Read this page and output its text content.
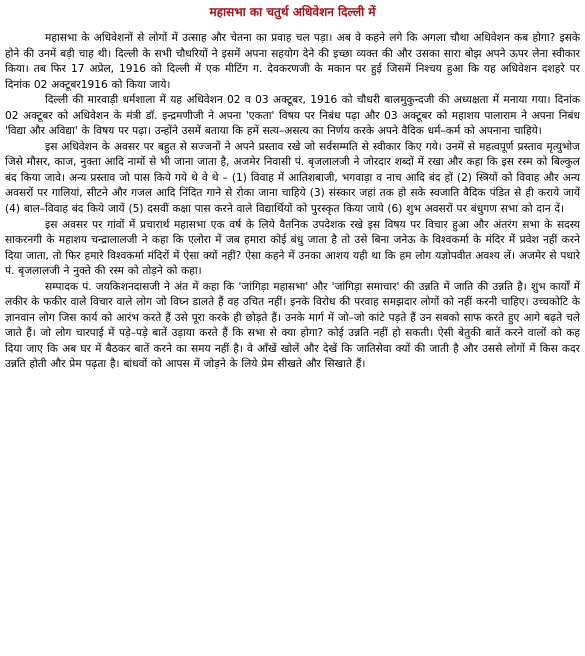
महासभा का चतुर्थ अधिवेशन दिल्ली में

महासभा के अधिवेशनों से लोगों में उत्साह और चेतना का प्रवाह चल पड़ा। अब वे कहने लगे कि अगला चौथा अधिवेशन कब होगा? इसके होने की उनमें बड़ी चाह थी। दिल्ली के सभी चौधरियों ने इसमें अपना सहयोग देने की इच्छा व्यक्त की और उसका सारा बोझ अपने ऊपर लेना स्वीकार किया। तब फिर 17 अप्रेल, 1916 को दिल्ली में एक मीटिंग ग. देवकरणजी के मकान पर हुई जिसमें निश्चय हुआ कि यह अधिवेशन दशहरे पर दिनांक 02 अक्टूबर1916 को किया जाये।

दिल्ली की मारवाड़ी धर्मशाला में यह अधिवेशन 02 व 03 अक्टूबर, 1916 को चौधरी बालमुकुन्दजी की अध्यक्षता में मनाया गया। दिनांक 02 अक्टूबर को अधिवेशन के मंत्री डॉ. इन्द्रमणीजी ने अपना 'एकता' विषय पर निबंध पढ़ा और 03 अक्टूबर को महाशय पालाराम ने अपना निबंध 'विद्या और अविद्या' के विषय पर पढ़ा। उन्होंने उसमें बताया कि हमें सत्य–असत्य का निर्णय करके अपने वैदिक धर्म–कर्म को अपनाना चाहिये।

इस अधिवेशन के अवसर पर बहुत से सज्जनों ने अपने प्रस्ताव रखे जो सर्वसम्मति से स्वीकार किए गये। उनमें से महत्वपूर्ण प्रस्ताव मृत्युभोज जिसे मौसर, काज, नुक्ता आदि नामों से भी जाना जाता है, अजमेर निवासी पं. बृजलालजी ने जोरदार शब्दों में रखा और कहा कि इस रस्म को बिल्कुल बंद किया जावे। अन्य प्रस्ताव जो पास किये गये थे वे थे – (1) विवाह में आतिशबाजी, भगवाड़ा व नाच आदि बंद हों (2) स्त्रियों को विवाह और अन्य अवसरों पर गालियां, सीटने और गजल आदि निंदित गाने से रोका जाना चाहिये (3) संस्कार जहां तक हो सके स्वजाति वैदिक पंडित से ही कराये जायें (4) बाल–विवाह बंद किये जायें (5) दसवीं कक्षा पास करने वाले विद्यार्थियों को पुरस्कृत किया जाये (6) शुभ अवसरों पर बंधुगण सभा को दान दें।

इस अवसर पर गांवों में प्रचारार्थ महासभा एक वर्ष के लिये वैतनिक उपदेशक रखे इस विषय पर विचार हुआ और अंतरंग सभा के सदस्य साकरनगी के महाशय चन्द्रालालजी ने कहा कि एलोरा में जब हमारा कोई बंधु जाता है तो उसे बिना जनेऊ के विश्वकर्मा के मंदिर में प्रवेश नहीं करने दिया जाता, तो फिर हमारे विश्वकर्मा मंदिरों में ऐसा क्यों नहीं? ऐसा कहने में उनका आशय यही था कि हम लोग यज्ञोपवीत अवश्य लें। अजमेर से पधारे पं. बृजलालजी ने नुक्ते की रस्म को तोड़ने को कहा।

सम्पादक पं. जयकिशनदासजी ने अंत में कहा कि 'जांगिड़ा महासभा' और 'जांगिड़ा समाचार' की उन्नति में जाति की उन्नति है। शुभ कार्यों में लकीर के फकीर वाले विचार वाले लोग जो विघ्न डालते हैं वह उचित नहीं। इनके विरोध की परवाह समझदार लोगों को नहीं करनी चाहिए। उच्चकोटि के ज्ञानवान लोग जिस कार्य को आरंभ करते हैं उसे पूरा करके ही छोड़ते हैं। उनके मार्ग में जो–जो कांटे पड़ते हैं उन सबको साफ करते हुए आगे बढ़ते चले जाते हैं। जो लोग चारपाई में पड़े–पड़े बातें उड़ाया करते हैं कि सभा से क्या होगा? कोई उन्नति नहीं हो सकती। ऐसी बेतुकी बातें करने वालों को कह दिया जाए कि अब घर में बैठकर बातें करने का समय नहीं है। वे आँखें खोलें और देखें कि जातिसेवा क्यों की जाती है और उससे लोगों में किस कदर उन्नति होती और प्रेम पढ़ता है। बांधवों को आपस में जोड़ने के लिये प्रेम सीखते और सिखाते हैं।
